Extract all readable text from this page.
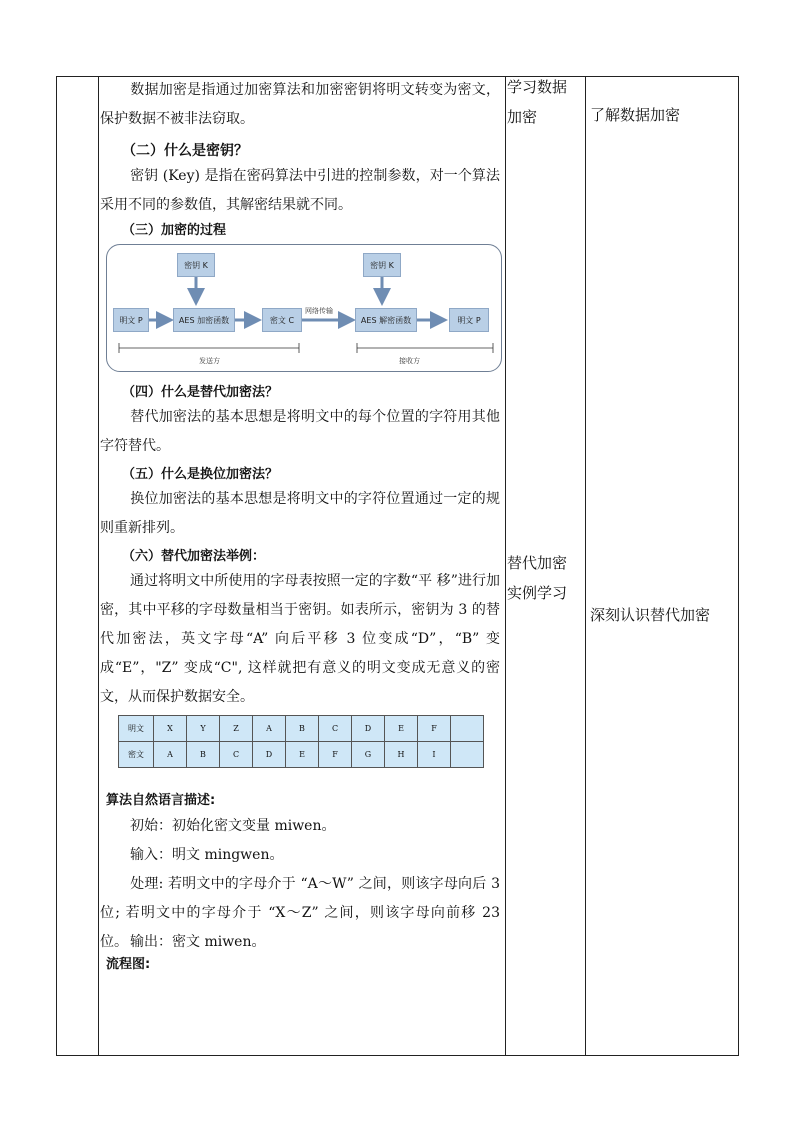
数据加密是指通过加密算法和加密密钥将明文转变为密文，保护数据不被非法窃取。

（二）什么是密钥？

密钥 (Key) 是指在密码算法中引进的控制参数，对一个算法采用不同的参数值，其解密结果就不同。

（三）加密的过程
密钥 K	密钥 K
明文 P	AES 加密函数	密文 C
网络传输
AES 解密函数	明文 P
发送方	接收方
（四）什么是替代加密法？

替代加密法的基本思想是将明文中的每个位置的字符用其他字符替代。

（五）什么是换位加密法？

换位加密法的基本思想是将明文中的字符位置通过一定的规则重新排列。

（六）替代加密法举例：

通过将明文中所使用的字母表按照一定的字数“平 移”进行加密，其中平移的字母数量相当于密钥。如表所示，密钥为 3 的替代加密法，英文字母“A” 向后平移 3 位变成“D”，“B” 变成“E”，"Z” 变成“C", 这样就把有意义的明文变成无意义的密文，从而保护数据安全。

明文	X	Y	Z	A	B	C	D	E	F	
密文	A	B	C	D	E	F	G	H	I	
算法自然语言描述:
初始：初始化密文变量 miwen。
输入：明文 mingwen。
处理: 若明文中的字母介于 “A～W” 之间，则该字母向后 3 位; 若明文中的字母介于 “X～Z” 之间，则该字母向前移 23 位。 输出：密文 miwen。
流程图:
学习数据加密
替代加密实例学习
了解数据加密
深刻认识替代加密
